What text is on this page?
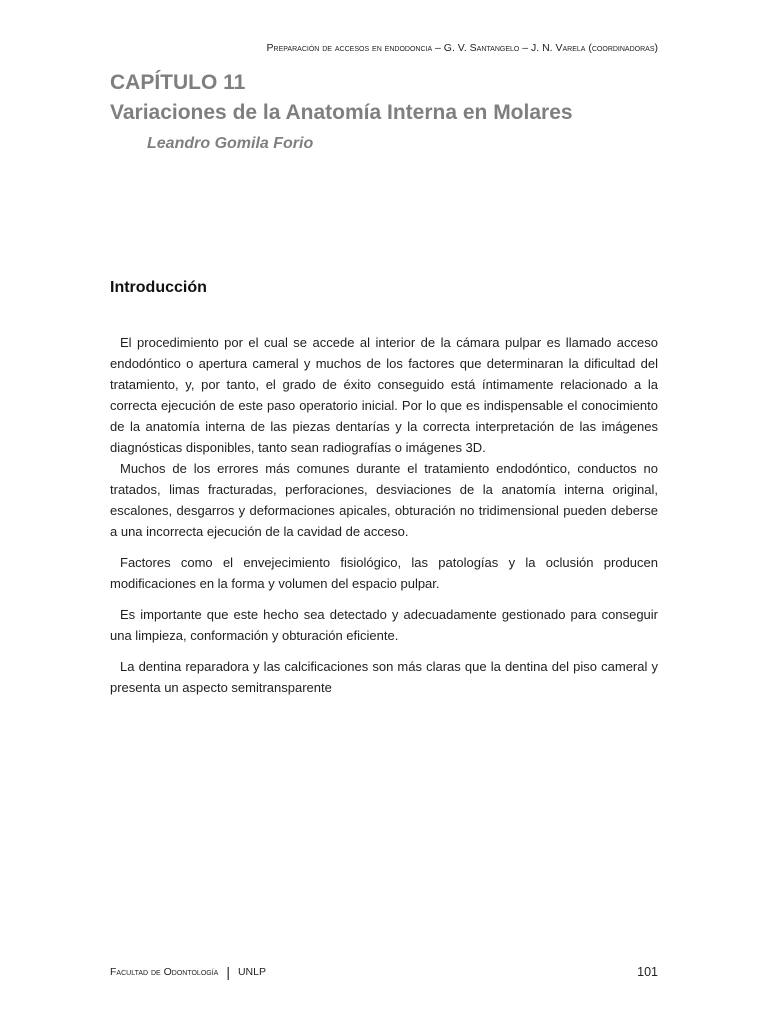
Preparación de accesos en endodoncia – G. V. Santangelo – J. N. Varela (coordinadoras)
CAPÍTULO 11
Variaciones de la Anatomía Interna en Molares
Leandro Gomila Forio
Introducción

El procedimiento por el cual se accede al interior de la cámara pulpar es llamado acceso endodóntico o apertura cameral y muchos de los factores que determinaran la dificultad del tratamiento, y, por tanto, el grado de éxito conseguido está íntimamente relacionado a la correcta ejecución de este paso operatorio inicial. Por lo que es indispensable el conocimiento de la anatomía interna de las piezas dentarías y la correcta interpretación de las imágenes diagnósticas disponibles, tanto sean radiografías o imágenes 3D.

Muchos de los errores más comunes durante el tratamiento endodóntico, conductos no tratados, limas fracturadas, perforaciones, desviaciones de la anatomía interna original, escalones, desgarros y deformaciones apicales, obturación no tridimensional pueden deberse a una incorrecta ejecución de la cavidad de acceso.

Factores como el envejecimiento fisiológico, las patologías y la oclusión producen modificaciones en la forma y volumen del espacio pulpar.

Es importante que este hecho sea detectado y adecuadamente gestionado para conseguir una limpieza, conformación y obturación eficiente.

La dentina reparadora y las calcificaciones son más claras que la dentina del piso cameral y presenta un aspecto semitransparente

Facultad de Odontología | UNLP	101
